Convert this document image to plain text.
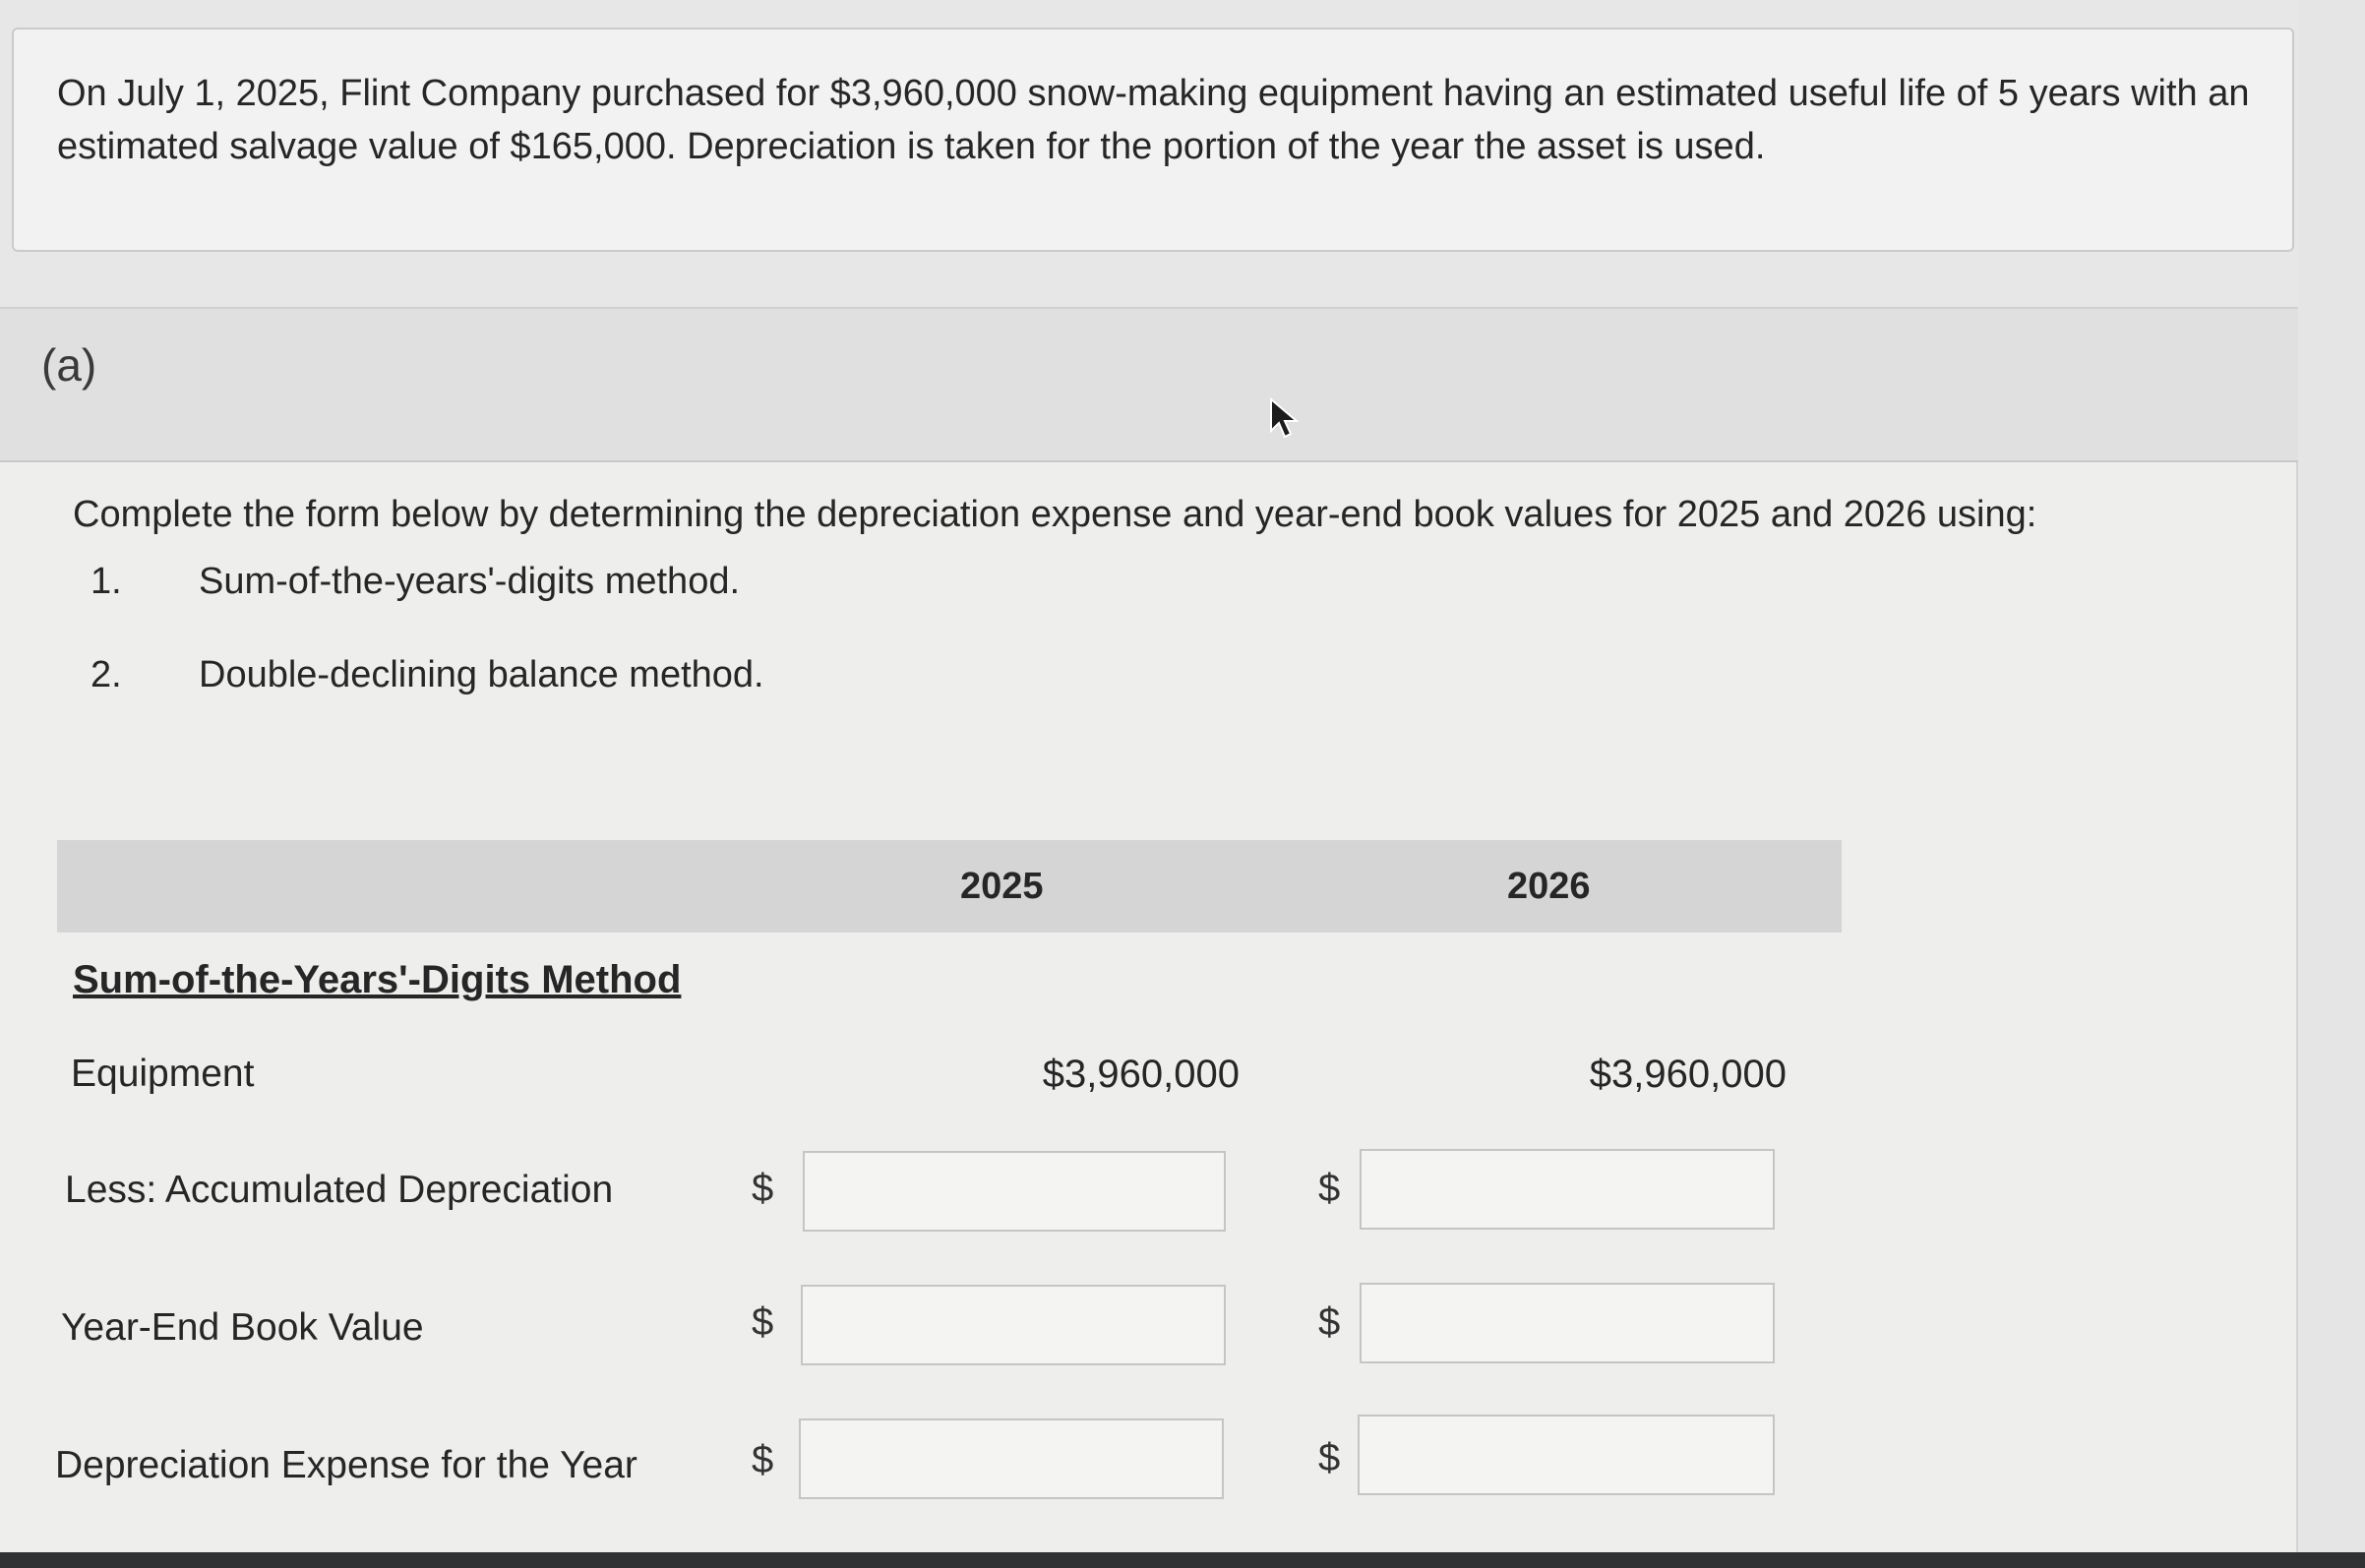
On July 1, 2025, Flint Company purchased for $3,960,000 snow-making equipment having an estimated useful life of 5 years with an estimated salvage value of $165,000. Depreciation is taken for the portion of the year the asset is used.
(a)
Complete the form below by determining the depreciation expense and year-end book values for 2025 and 2026 using:
1.	Sum-of-the-years'-digits method.
2.	Double-declining balance method.
2025	2026
Sum-of-the-Years'-Digits Method
Equipment	$3,960,000	$3,960,000
Less: Accumulated Depreciation	$	$
Year-End Book Value	$	$
Depreciation Expense for the Year	$	$
